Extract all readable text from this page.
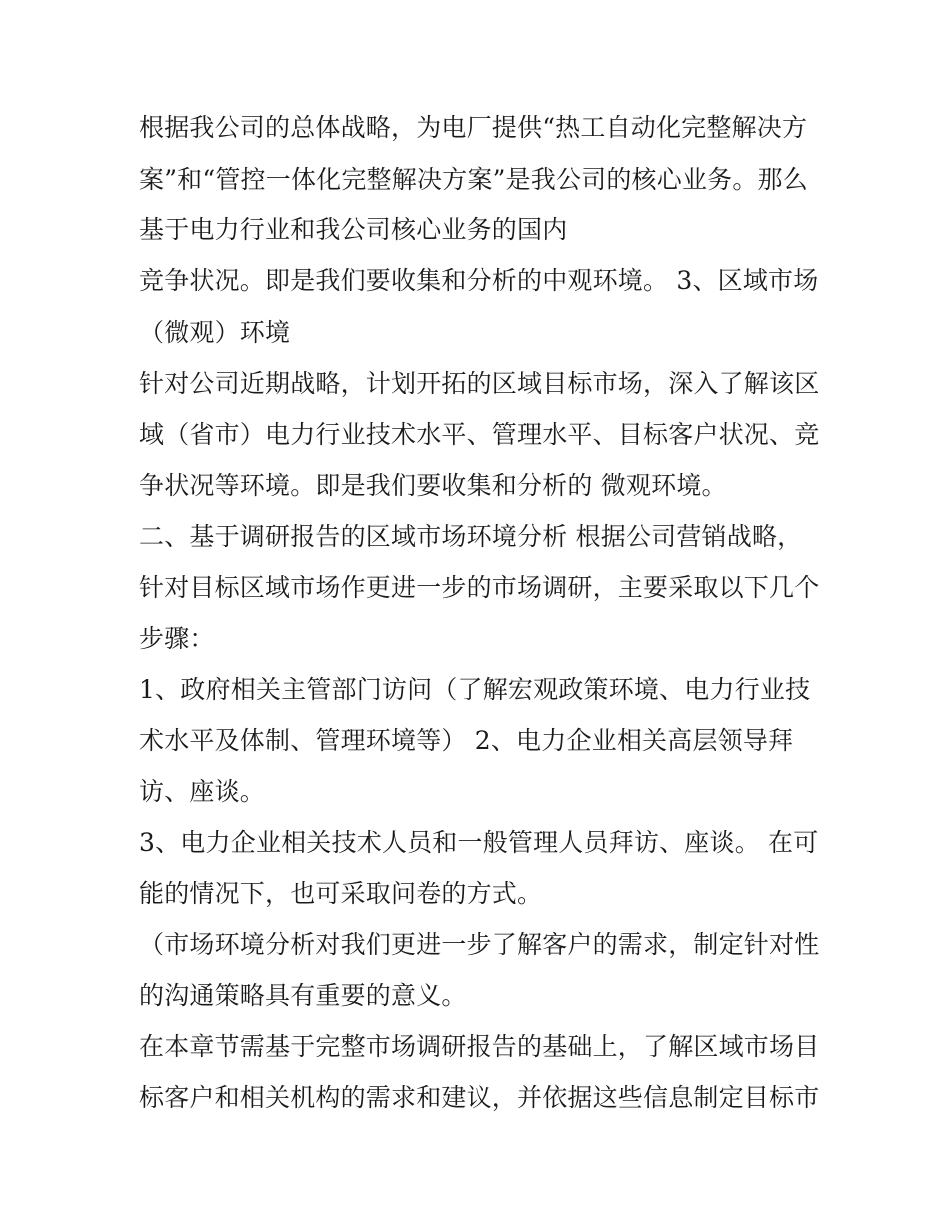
根据我公司的总体战略，为电厂提供“热工自动化完整解决方
案”和“管控一体化完整解决方案”是我公司的核心业务。那么
基于电力行业和我公司核心业务的国内
竞争状况。即是我们要收集和分析的中观环境。 3、区域市场
（微观）环境
针对公司近期战略，计划开拓的区域目标市场，深入了解该区
域（省市）电力行业技术水平、管理水平、目标客户状况、竞
争状况等环境。即是我们要收集和分析的 微观环境。
二、基于调研报告的区域市场环境分析 根据公司营销战略，
针对目标区域市场作更进一步的市场调研，主要采取以下几个
步骤：
1、政府相关主管部门访问（了解宏观政策环境、电力行业技
术水平及体制、管理环境等） 2、电力企业相关高层领导拜
访、座谈。
3、电力企业相关技术人员和一般管理人员拜访、座谈。 在可
能的情况下，也可采取问卷的方式。
（市场环境分析对我们更进一步了解客户的需求，制定针对性
的沟通策略具有重要的意义。
在本章节需基于完整市场调研报告的基础上，了解区域市场目
标客户和相关机构的需求和建议，并依据这些信息制定目标市
